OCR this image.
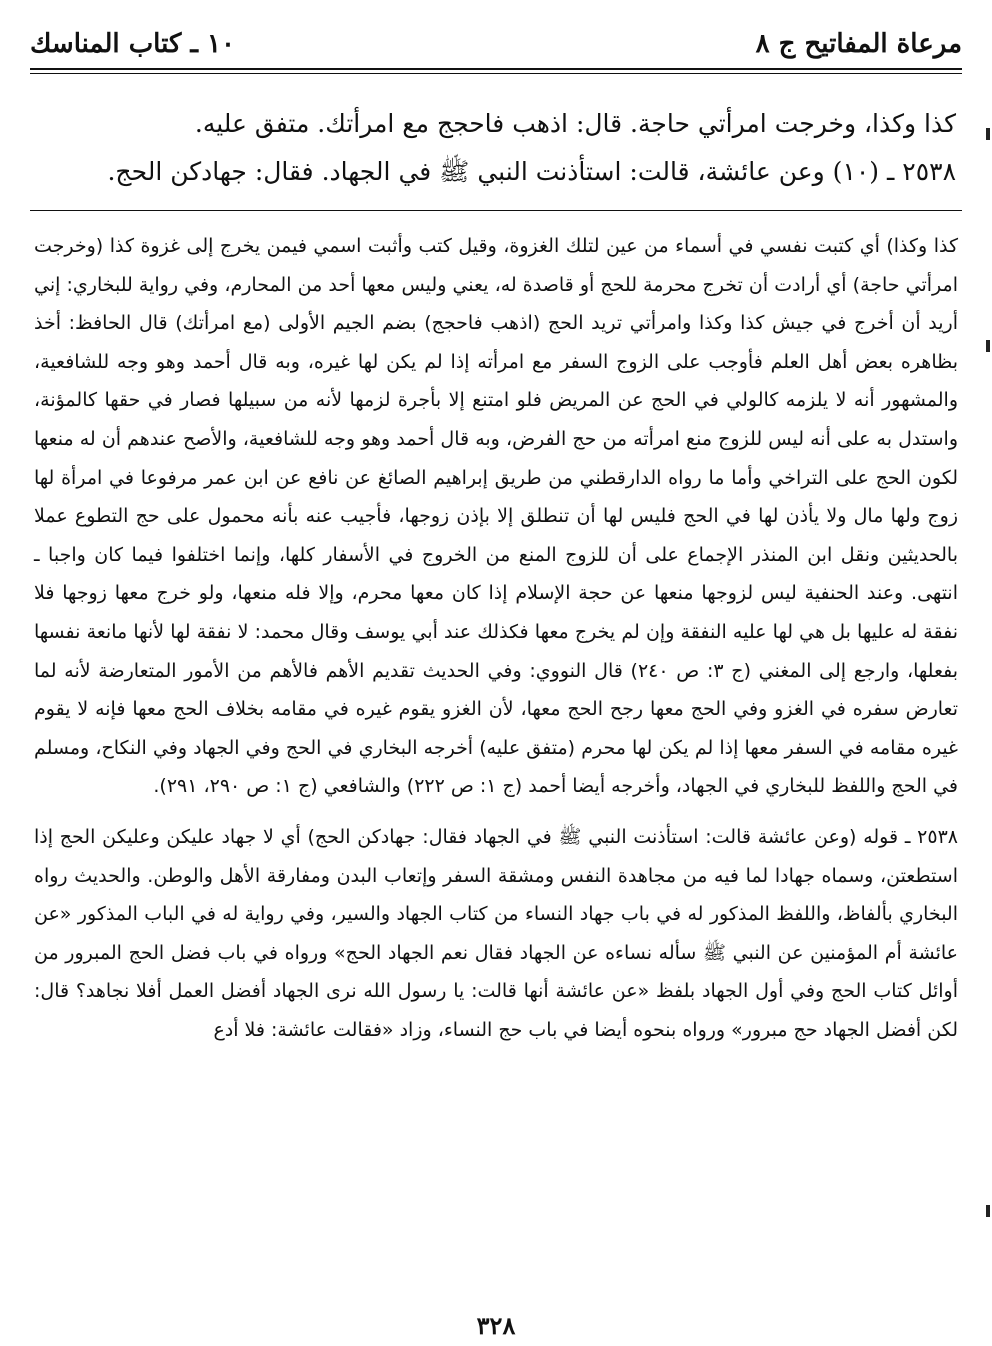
مرعاة المفاتيح ج ٨
١٠ ـ كتاب المناسك

كذا وكذا، وخرجت امرأتي حاجة. قال: اذهب فاحجج مع امرأتك. متفق عليه.

٢٥٣٨ ـ (١٠) وعن عائشة، قالت: استأذنت النبي ﷺ في الجهاد. فقال: جهادكن الحج.

كذا وكذا) أي كتبت نفسي في أسماء من عين لتلك الغزوة، وقيل كتب وأثبت اسمي فيمن يخرج إلى غزوة كذا (وخرجت امرأتي حاجة) أي أرادت أن تخرج محرمة للحج أو قاصدة له، يعني وليس معها أحد من المحارم، وفي رواية للبخاري: إني أريد أن أخرج في جيش كذا وكذا وامرأتي تريد الحج (اذهب فاحجج) بضم الجيم الأولى (مع امرأتك) قال الحافظ: أخذ بظاهره بعض أهل العلم فأوجب على الزوج السفر مع امرأته إذا لم يكن لها غيره، وبه قال أحمد وهو وجه للشافعية، والمشهور أنه لا يلزمه كالولي في الحج عن المريض فلو امتنع إلا بأجرة لزمها لأنه من سبيلها فصار في حقها كالمؤنة، واستدل به على أنه ليس للزوج منع امرأته من حج الفرض، وبه قال أحمد وهو وجه للشافعية، والأصح عندهم أن له منعها لكون الحج على التراخي وأما ما رواه الدارقطني من طريق إبراهيم الصائغ عن نافع عن ابن عمر مرفوعا في امرأة لها زوج ولها مال ولا يأذن لها في الحج فليس لها أن تنطلق إلا بإذن زوجها، فأجيب عنه بأنه محمول على حج التطوع عملا بالحديثين ونقل ابن المنذر الإجماع على أن للزوج المنع من الخروج في الأسفار كلها، وإنما اختلفوا فيما كان واجبا ـ انتهى. وعند الحنفية ليس لزوجها منعها عن حجة الإسلام إذا كان معها محرم، وإلا فله منعها، ولو خرج معها زوجها فلا نفقة له عليها بل هي لها عليه النفقة وإن لم يخرج معها فكذلك عند أبي يوسف وقال محمد: لا نفقة لها لأنها مانعة نفسها بفعلها، وارجع إلى المغني (ج ٣: ص ٢٤٠) قال النووي: وفي الحديث تقديم الأهم فالأهم من الأمور المتعارضة لأنه لما تعارض سفره في الغزو وفي الحج معها رجح الحج معها، لأن الغزو يقوم غيره في مقامه بخلاف الحج معها فإنه لا يقوم غيره مقامه في السفر معها إذا لم يكن لها محرم (متفق عليه) أخرجه البخاري في الحج وفي الجهاد وفي النكاح، ومسلم في الحج واللفظ للبخاري في الجهاد، وأخرجه أيضا أحمد (ج ١: ص ٢٢٢) والشافعي (ج ١: ص ٢٩٠، ٢٩١).

٢٥٣٨ ـ قوله (وعن عائشة قالت: استأذنت النبي ﷺ في الجهاد فقال: جهادكن الحج) أي لا جهاد عليكن وعليكن الحج إذا استطعتن، وسماه جهادا لما فيه من مجاهدة النفس ومشقة السفر وإتعاب البدن ومفارقة الأهل والوطن. والحديث رواه البخاري بألفاظ، واللفظ المذكور له في باب جهاد النساء من كتاب الجهاد والسير، وفي رواية له في الباب المذكور «عن عائشة أم المؤمنين عن النبي ﷺ سأله نساءه عن الجهاد فقال نعم الجهاد الحج» ورواه في باب فضل الحج المبرور من أوائل كتاب الحج وفي أول الجهاد بلفظ «عن عائشة أنها قالت: يا رسول الله نرى الجهاد أفضل العمل أفلا نجاهد؟ قال: لكن أفضل الجهاد حج مبرور» ورواه بنحوه أيضا في باب حج النساء، وزاد «فقالت عائشة: فلا أدع

٣٢٨
